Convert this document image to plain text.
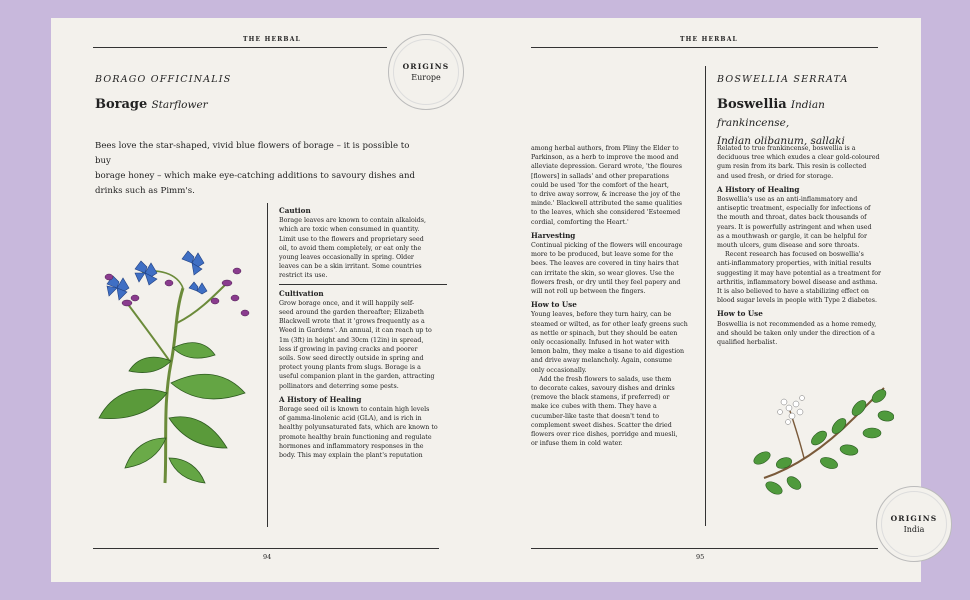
THE HERBAL
ORIGINS
Europe
BORAGO OFFICINALIS
Borage Starflower
Bees love the star-shaped, vivid blue flowers of borage – it is possible to buy
borage honey – which make eye-catching additions to savoury dishes and
drinks such as Pimm's.

Caution

Borage leaves are known to contain alkaloids,

which are toxic when consumed in quantity.

Limit use to the flowers and proprietary seed

oil, to avoid them completely, or eat only the

young leaves occasionally in spring. Older

leaves can be a skin irritant. Some countries

restrict its use.

Cultivation

Grow borage once, and it will happily self-

seed around the garden thereafter; Elizabeth

Blackwell wrote that it 'grows frequently as a

Weed in Gardens'. An annual, it can reach up to

1m (3ft) in height and 30cm (12in) in spread,

less if growing in paving cracks and poorer

soils. Sow seed directly outside in spring and

protect young plants from slugs. Borage is a

useful companion plant in the garden, attracting

pollinators and deterring some pests.

A History of Healing

Borage seed oil is known to contain high levels

of gamma-linolenic acid (GLA), and is rich in

healthy polyunsaturated fats, which are known to

promote healthy brain functioning and regulate

hormones and inflammatory responses in the

body. This may explain the plant's reputation

94
THE HERBAL

among herbal authors, from Pliny the Elder to

Parkinson, as a herb to improve the mood and

alleviate depression. Gerard wrote, 'the floures

[flowers] in sallads' and other preparations

could be used 'for the comfort of the heart,

to drive away sorrow, & increase the joy of the

minde.' Blackwell attributed the same qualities

to the leaves, which she considered 'Esteemed

cordial, comforting the Heart.'

Harvesting

Continual picking of the flowers will encourage

more to be produced, but leave some for the

bees. The leaves are covered in tiny hairs that

can irritate the skin, so wear gloves. Use the

flowers fresh, or dry until they feel papery and

will not roll up between the fingers.

How to Use

Young leaves, before they turn hairy, can be

steamed or wilted, as for other leafy greens such

as nettle or spinach, but they should be eaten

only occasionally. Infused in hot water with

lemon balm, they make a tisane to aid digestion

and drive away melancholy. Again, consume

only occasionally.

Add the fresh flowers to salads, use them

to decorate cakes, savoury dishes and drinks

(remove the black stamens, if preferred) or

make ice cubes with them. They have a

cucumber-like taste that doesn't tend to

complement sweet dishes. Scatter the dried

flowers over rice dishes, porridge and muesli,

or infuse them in cold water.

BOSWELLIA SERRATA
Boswellia Indian frankincense,
Indian olibanum, sallaki

Related to true frankincense, boswellia is a

deciduous tree which exudes a clear gold-coloured

gum resin from its bark. This resin is collected

and used fresh, or dried for storage.

A History of Healing

Boswellia's use as an anti-inflammatory and

antiseptic treatment, especially for infections of

the mouth and throat, dates back thousands of

years. It is powerfully astringent and when used

as a mouthwash or gargle, it can be helpful for

mouth ulcers, gum disease and sore throats.

Recent research has focused on boswellia's

anti-inflammatory properties, with initial results

suggesting it may have potential as a treatment for

arthritis, inflammatory bowel disease and asthma.

It is also believed to have a stabilizing effect on

blood sugar levels in people with Type 2 diabetes.

How to Use

Boswellia is not recommended as a home remedy,

and should be taken only under the direction of a

qualified herbalist.

ORIGINS
India
95
